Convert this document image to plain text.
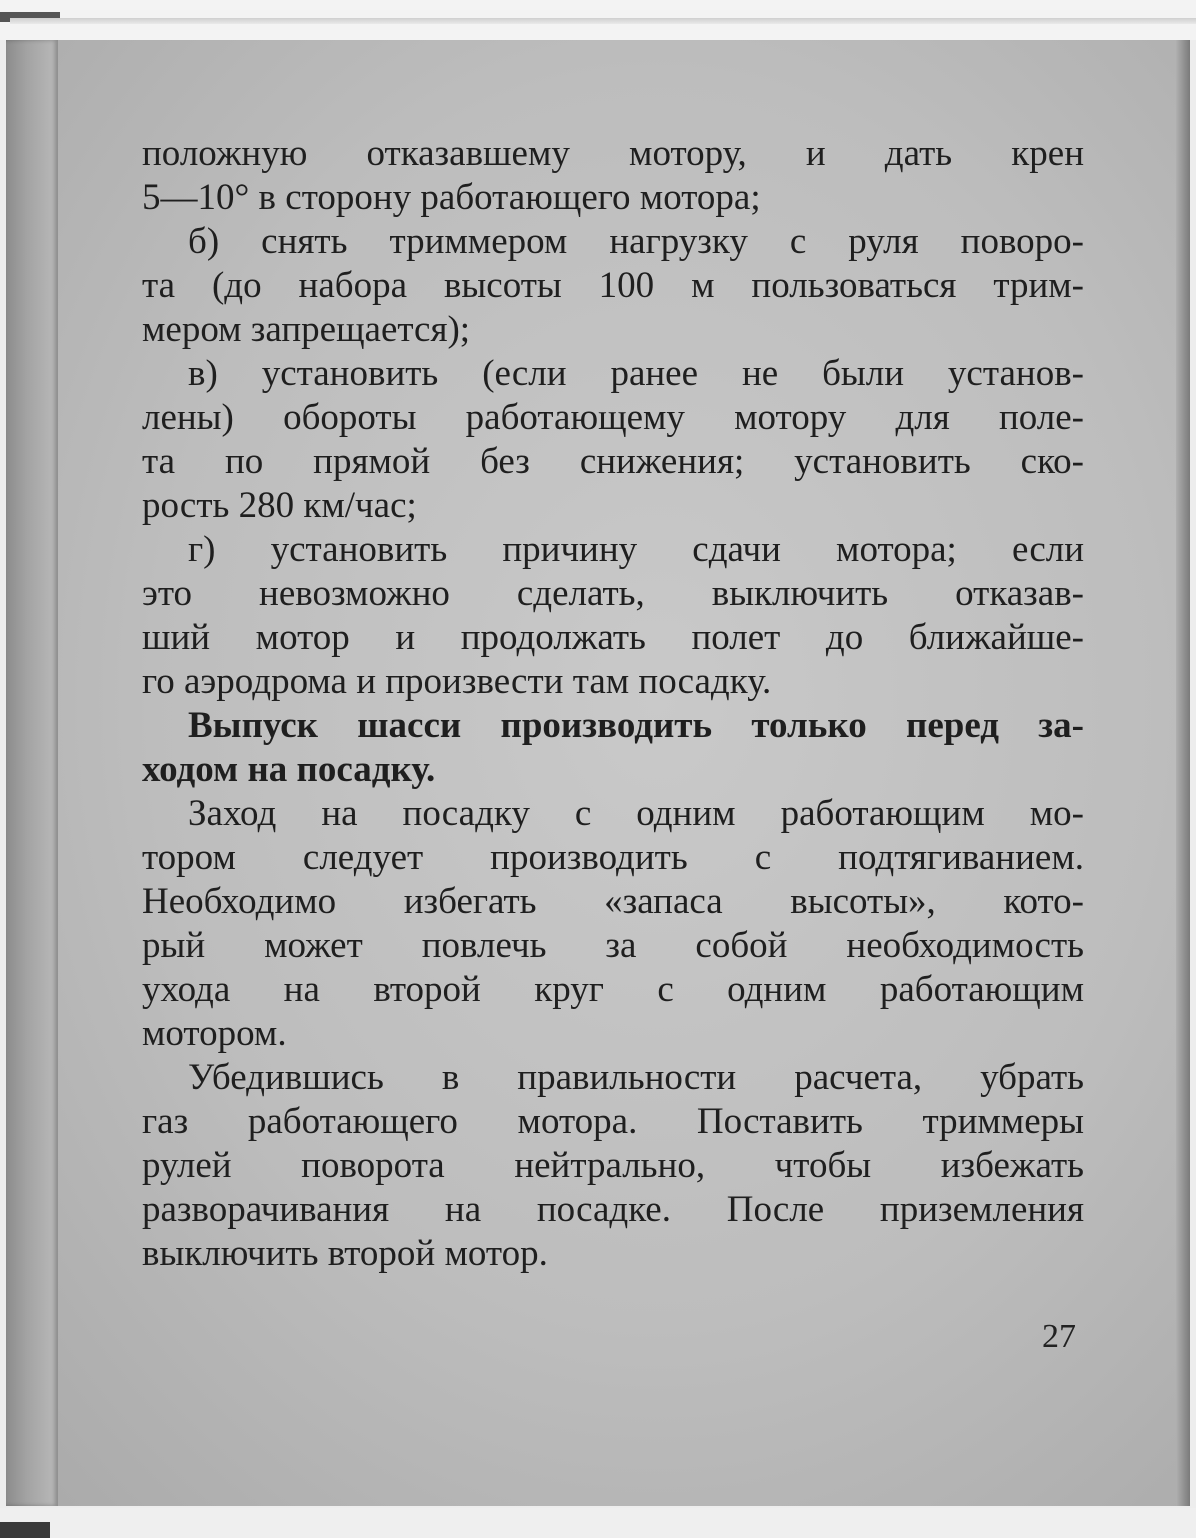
положную отказавшему мотору, и дать крен
5—10° в сторону работающего мотора;
б) снять триммером нагрузку с руля поворо-
та (до набора высоты 100 м пользоваться трим-
мером запрещается);
в) установить (если ранее не были установ-
лены) обороты работающему мотору для поле-
та по прямой без снижения; установить ско-
рость 280 км/час;
г) установить причину сдачи мотора; если
это невозможно сделать, выключить отказав-
ший мотор и продолжать полет до ближайше-
го аэродрома и произвести там посадку.
Выпуск шасси производить только перед за-
ходом на посадку.
Заход на посадку с одним работающим мо-
тором следует производить с подтягиванием.
Необходимо избегать «запаса высоты», кото-
рый может повлечь за собой необходимость
ухода на второй круг с одним работающим
мотором.
Убедившись в правильности расчета, убрать
газ работающего мотора. Поставить триммеры
рулей поворота нейтрально, чтобы избежать
разворачивания на посадке. После приземления
выключить второй мотор.
27
